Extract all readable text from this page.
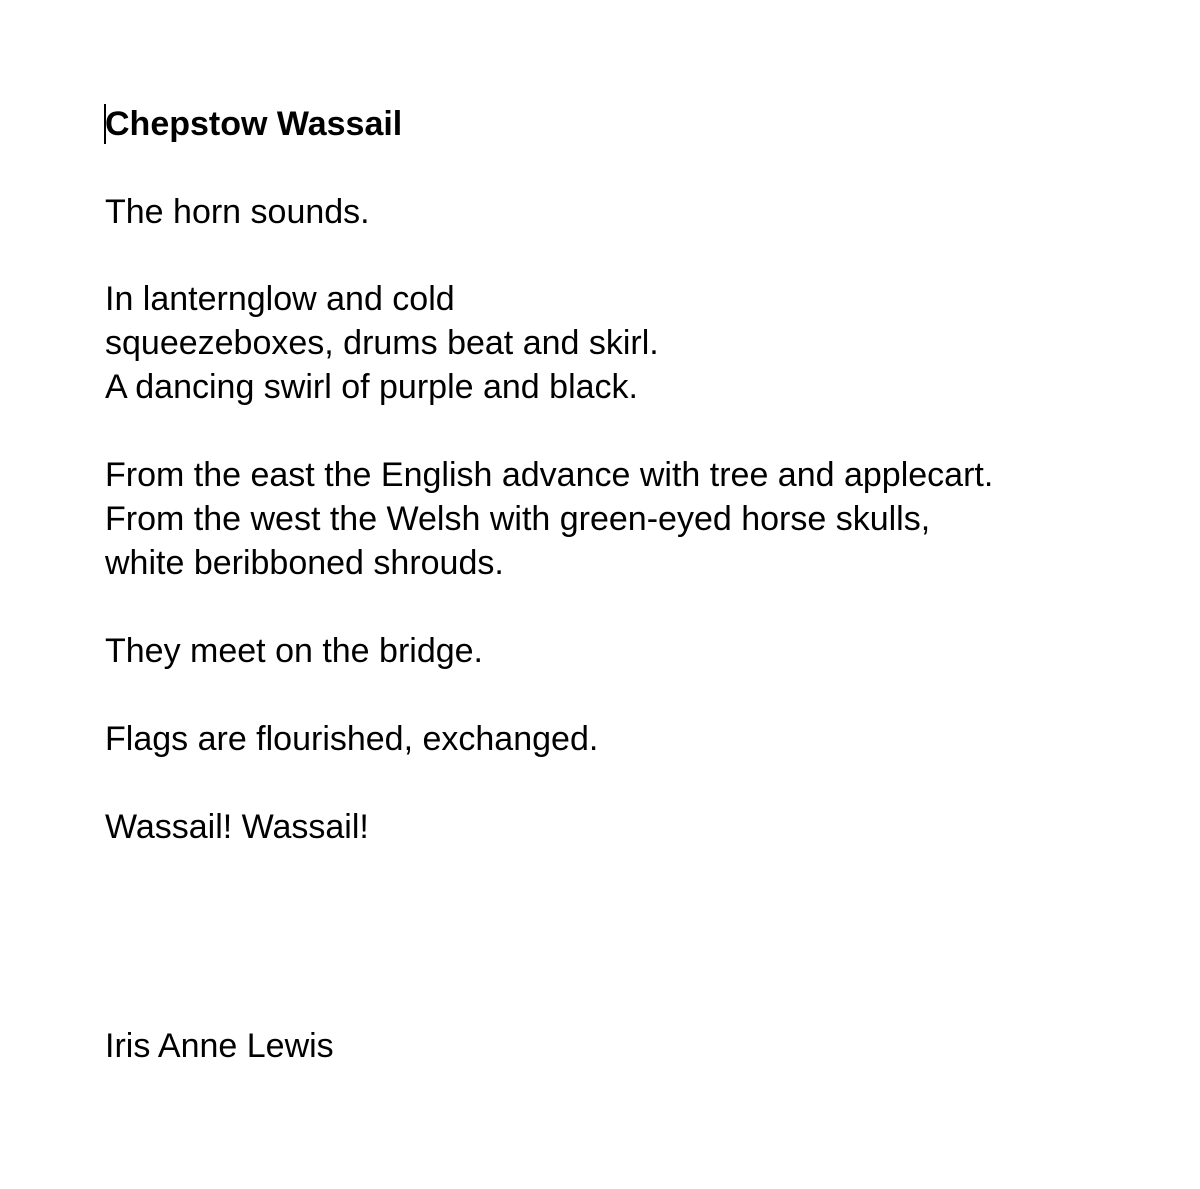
Chepstow Wassail

The horn sounds.

In lanternglow and cold

squeezeboxes, drums beat and skirl.

A dancing swirl of purple and black.

From the east the English advance with tree and applecart.

From the west the Welsh with green-eyed horse skulls,

white beribboned shrouds.

They meet on the bridge.

Flags are flourished, exchanged.

Wassail! Wassail!

Iris Anne Lewis
